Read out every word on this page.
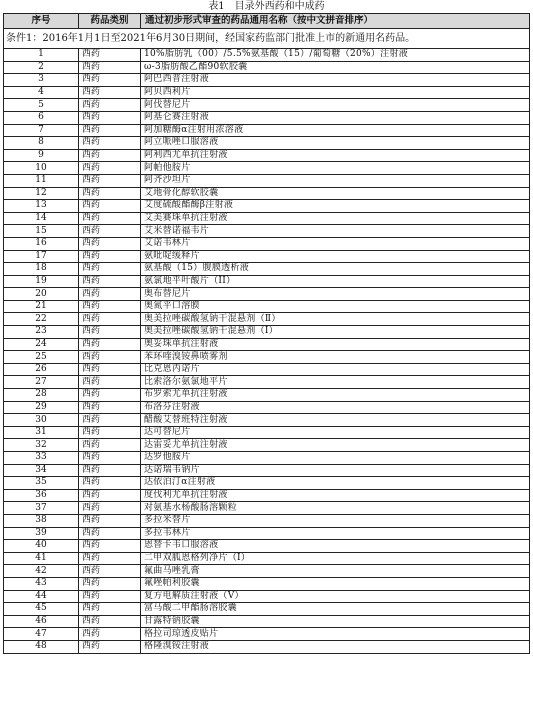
表1　目录外西药和中成药
序号	药品类别	通过初步形式审查的药品通用名称（按中文拼音排序）
条件1：2016年1月1日至2021年6月30日期间，经国家药监部门批准上市的新通用名药品。		
1	西药	10%脂肪乳（00）/5.5%氨基酸（15）/葡萄糖（20%）注射液
2	西药	ω-3脂肪酸乙酯90软胶囊
3	西药	阿巴西普注射液
4	西药	阿贝西利片
5	西药	阿伐替尼片
6	西药	阿基仑赛注射液
7	西药	阿加糖酶α注射用浓溶液
8	西药	阿立哌唑口服溶液
9	西药	阿利西尤单抗注射液
10	西药	阿帕他胺片
11	西药	阿齐沙坦片
12	西药	艾地骨化醇软胶囊
13	西药	艾度硫酸酯酶β注射液
14	西药	艾美赛珠单抗注射液
15	西药	艾米替诺福韦片
16	西药	艾诺韦林片
17	西药	氨吡啶缓释片
18	西药	氨基酸（15）腹膜透析液
19	西药	氨氯地平叶酸片（II）
20	西药	奥布替尼片
21	西药	奥氮平口溶膜
22	西药	奥美拉唑碳酸氢钠干混悬剂（Ⅱ）
23	西药	奥美拉唑碳酸氢钠干混悬剂（Ⅰ）
24	西药	奥妥珠单抗注射液
25	西药	苯环喹溴铵鼻喷雾剂
26	西药	比克恩丙诺片
27	西药	比索洛尔氨氯地平片
28	西药	布罗索尤单抗注射液
29	西药	布洛芬注射液
30	西药	醋酸艾替班特注射液
31	西药	达可替尼片
32	西药	达雷妥尤单抗注射液
33	西药	达罗他胺片
34	西药	达诺瑞韦钠片
35	西药	达依泊汀α注射液
36	西药	度伐利尤单抗注射液
37	西药	对氨基水杨酸肠溶颗粒
38	西药	多拉米替片
39	西药	多拉韦林片
40	西药	恩替卡韦口服溶液
41	西药	二甲双胍恩格列净片（Ⅰ）
42	西药	氟曲马唑乳膏
43	西药	氟唑帕利胶囊
44	西药	复方电解质注射液（Ⅴ）
45	西药	富马酸二甲酯肠溶胶囊
46	西药	甘露特钠胶囊
47	西药	格拉司琼透皮贴片
48	西药	格隆溴铵注射液
